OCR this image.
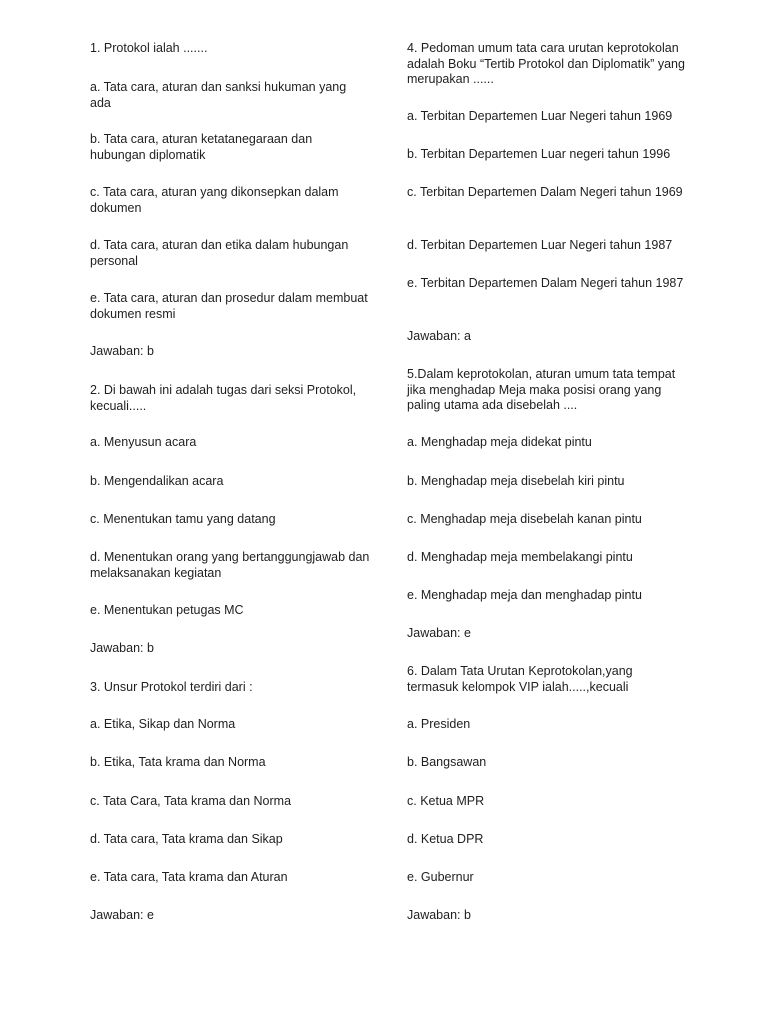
1. Protokol ialah .......
a. Tata cara, aturan dan sanksi hukuman yang ada
b. Tata cara, aturan ketatanegaraan dan hubungan diplomatik
c. Tata cara, aturan yang dikonsepkan dalam dokumen
d. Tata cara, aturan dan etika dalam hubungan personal
e. Tata cara, aturan dan prosedur dalam membuat dokumen resmi
Jawaban: b
2. Di bawah ini adalah tugas dari seksi Protokol, kecuali.....
a. Menyusun acara
b. Mengendalikan acara
c. Menentukan tamu yang datang
d. Menentukan orang yang bertanggungjawab dan melaksanakan kegiatan
e. Menentukan petugas MC
Jawaban: b
3. Unsur Protokol terdiri dari :
a. Etika, Sikap dan Norma
b. Etika, Tata krama dan Norma
c. Tata Cara, Tata krama dan Norma
d. Tata cara, Tata krama dan Sikap
e. Tata cara, Tata krama dan Aturan
Jawaban: e
4. Pedoman umum tata cara urutan keprotokolan adalah Boku “Tertib Protokol dan Diplomatik” yang merupakan ......
a. Terbitan Departemen Luar Negeri tahun 1969
b. Terbitan Departemen Luar negeri tahun 1996
c. Terbitan Departemen Dalam Negeri tahun 1969
d. Terbitan Departemen Luar Negeri tahun 1987
e. Terbitan Departemen Dalam Negeri tahun 1987
Jawaban: a
5.Dalam keprotokolan, aturan umum tata tempat jika menghadap Meja maka posisi orang yang paling utama ada disebelah ....
a. Menghadap meja didekat pintu
b. Menghadap meja disebelah kiri pintu
c. Menghadap meja disebelah kanan pintu
d. Menghadap meja membelakangi pintu
e. Menghadap meja dan menghadap pintu
Jawaban: e
6. Dalam Tata Urutan Keprotokolan,yang termasuk kelompok VIP ialah.....,kecuali
a. Presiden
b. Bangsawan
c. Ketua MPR
d. Ketua DPR
e. Gubernur
Jawaban: b
